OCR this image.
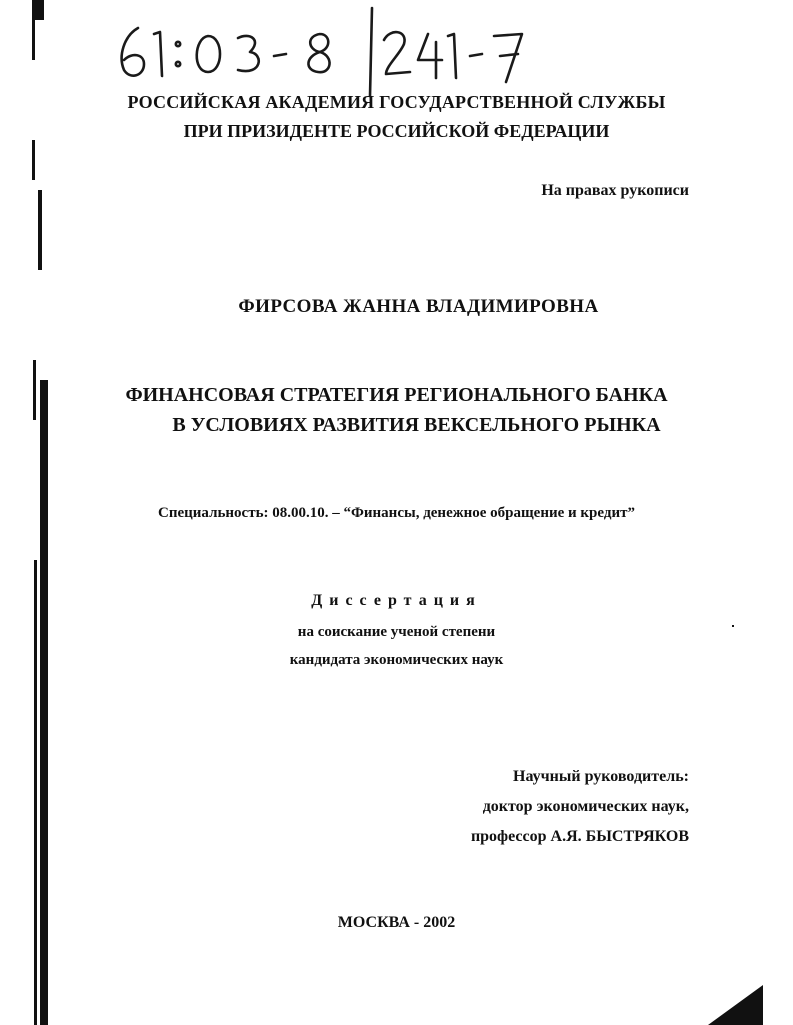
РОССИЙСКАЯ АКАДЕМИЯ ГОСУДАРСТВЕННОЙ СЛУЖБЫ
ПРИ ПРИЗИДЕНТЕ РОССИЙСКОЙ ФЕДЕРАЦИИ
На правах рукописи
ФИРСОВА ЖАННА ВЛАДИМИРОВНА
ФИНАНСОВАЯ СТРАТЕГИЯ РЕГИОНАЛЬНОГО БАНКА
В УСЛОВИЯХ РАЗВИТИЯ ВЕКСЕЛЬНОГО РЫНКА
Специальность: 08.00.10. – “Финансы, денежное обращение и кредит”
Диссертация
на соискание ученой степени
кандидата экономических наук
Научный руководитель:
доктор экономических наук,
профессор А.Я. БЫСТРЯКОВ
МОСКВА - 2002
